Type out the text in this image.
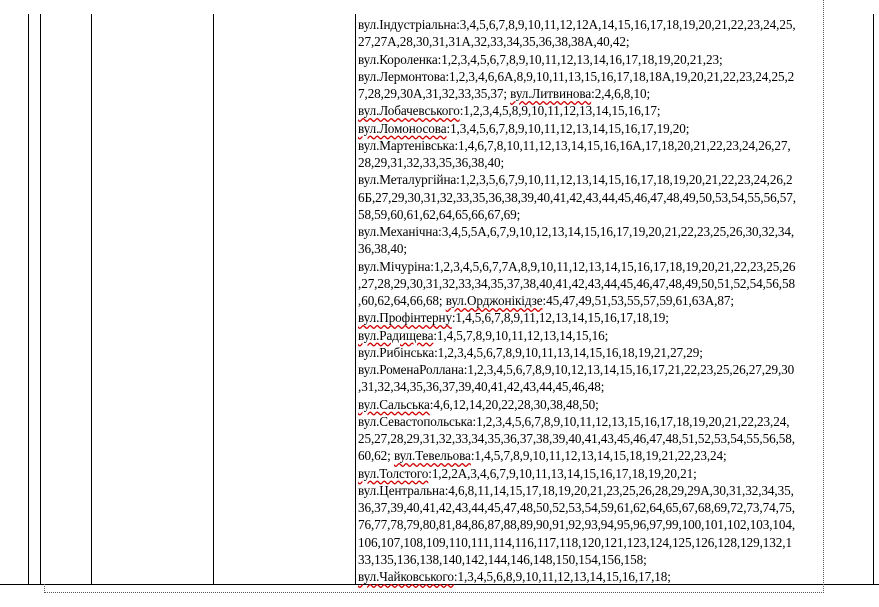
вул.Індустріальна:3,4,5,6,7,8,9,10,11,12,12А,14,15,16,17,18,19,20,21,22,23,24,25,
27,27А,28,30,31,31А,32,33,34,35,36,38,38А,40,42;
вул.Короленка:1,2,3,4,5,6,7,8,9,10,11,12,13,14,16,17,18,19,20,21,23;
вул.Лермонтова:1,2,3,4,6,6А,8,9,10,11,13,15,16,17,18,18А,19,20,21,22,23,24,25,2
7,28,29,30А,31,32,33,35,37; вул.Литвинова:2,4,6,8,10;
вул.Лобачевського:1,2,3,4,5,8,9,10,11,12,13,14,15,16,17;
вул.Ломоносова:1,3,4,5,6,7,8,9,10,11,12,13,14,15,16,17,19,20;
вул.Мартенівська:1,4,6,7,8,10,11,12,13,14,15,16,16А,17,18,20,21,22,23,24,26,27,
28,29,31,32,33,35,36,38,40;
вул.Металургійна:1,2,3,5,6,7,9,10,11,12,13,14,15,16,17,18,19,20,21,22,23,24,26,2
6Б,27,29,30,31,32,33,35,36,38,39,40,41,42,43,44,45,46,47,48,49,50,53,54,55,56,57,
58,59,60,61,62,64,65,66,67,69;
вул.Механічна:3,4,5,5А,6,7,9,10,12,13,14,15,16,17,19,20,21,22,23,25,26,30,32,34,
36,38,40;
вул.Мічуріна:1,2,3,4,5,6,7,7А,8,9,10,11,12,13,14,15,16,17,18,19,20,21,22,23,25,26
,27,28,29,30,31,32,33,34,35,37,38,40,41,42,43,44,45,46,47,48,49,50,51,52,54,56,58
,60,62,64,66,68; вул.Орджонікідзе:45,47,49,51,53,55,57,59,61,63А,87;
вул.Профінтерну:1,4,5,6,7,8,9,11,12,13,14,15,16,17,18,19;
вул.Радищева:1,4,5,7,8,9,10,11,12,13,14,15,16;
вул.Рибінська:1,2,3,4,5,6,7,8,9,10,11,13,14,15,16,18,19,21,27,29;
вул.РоменаРоллана:1,2,3,4,5,6,7,8,9,10,12,13,14,15,16,17,21,22,23,25,26,27,29,30
,31,32,34,35,36,37,39,40,41,42,43,44,45,46,48;
вул.Сальська:4,6,12,14,20,22,28,30,38,48,50;
вул.Севастопольська:1,2,3,4,5,6,7,8,9,10,11,12,13,15,16,17,18,19,20,21,22,23,24,
25,27,28,29,31,32,33,34,35,36,37,38,39,40,41,43,45,46,47,48,51,52,53,54,55,56,58,
60,62; вул.Тевельова:1,4,5,7,8,9,10,11,12,13,14,15,18,19,21,22,23,24;
вул.Толстого:1,2,2А,3,4,6,7,9,10,11,13,14,15,16,17,18,19,20,21;
вул.Центральна:4,6,8,11,14,15,17,18,19,20,21,23,25,26,28,29,29А,30,31,32,34,35,
36,37,39,40,41,42,43,44,45,47,48,50,52,53,54,59,61,62,64,65,67,68,69,72,73,74,75,
76,77,78,79,80,81,84,86,87,88,89,90,91,92,93,94,95,96,97,99,100,101,102,103,104,
106,107,108,109,110,111,114,116,117,118,120,121,123,124,125,126,128,129,132,1
33,135,136,138,140,142,144,146,148,150,154,156,158;
вул.Чайковського:1,3,4,5,6,8,9,10,11,12,13,14,15,16,17,18;
